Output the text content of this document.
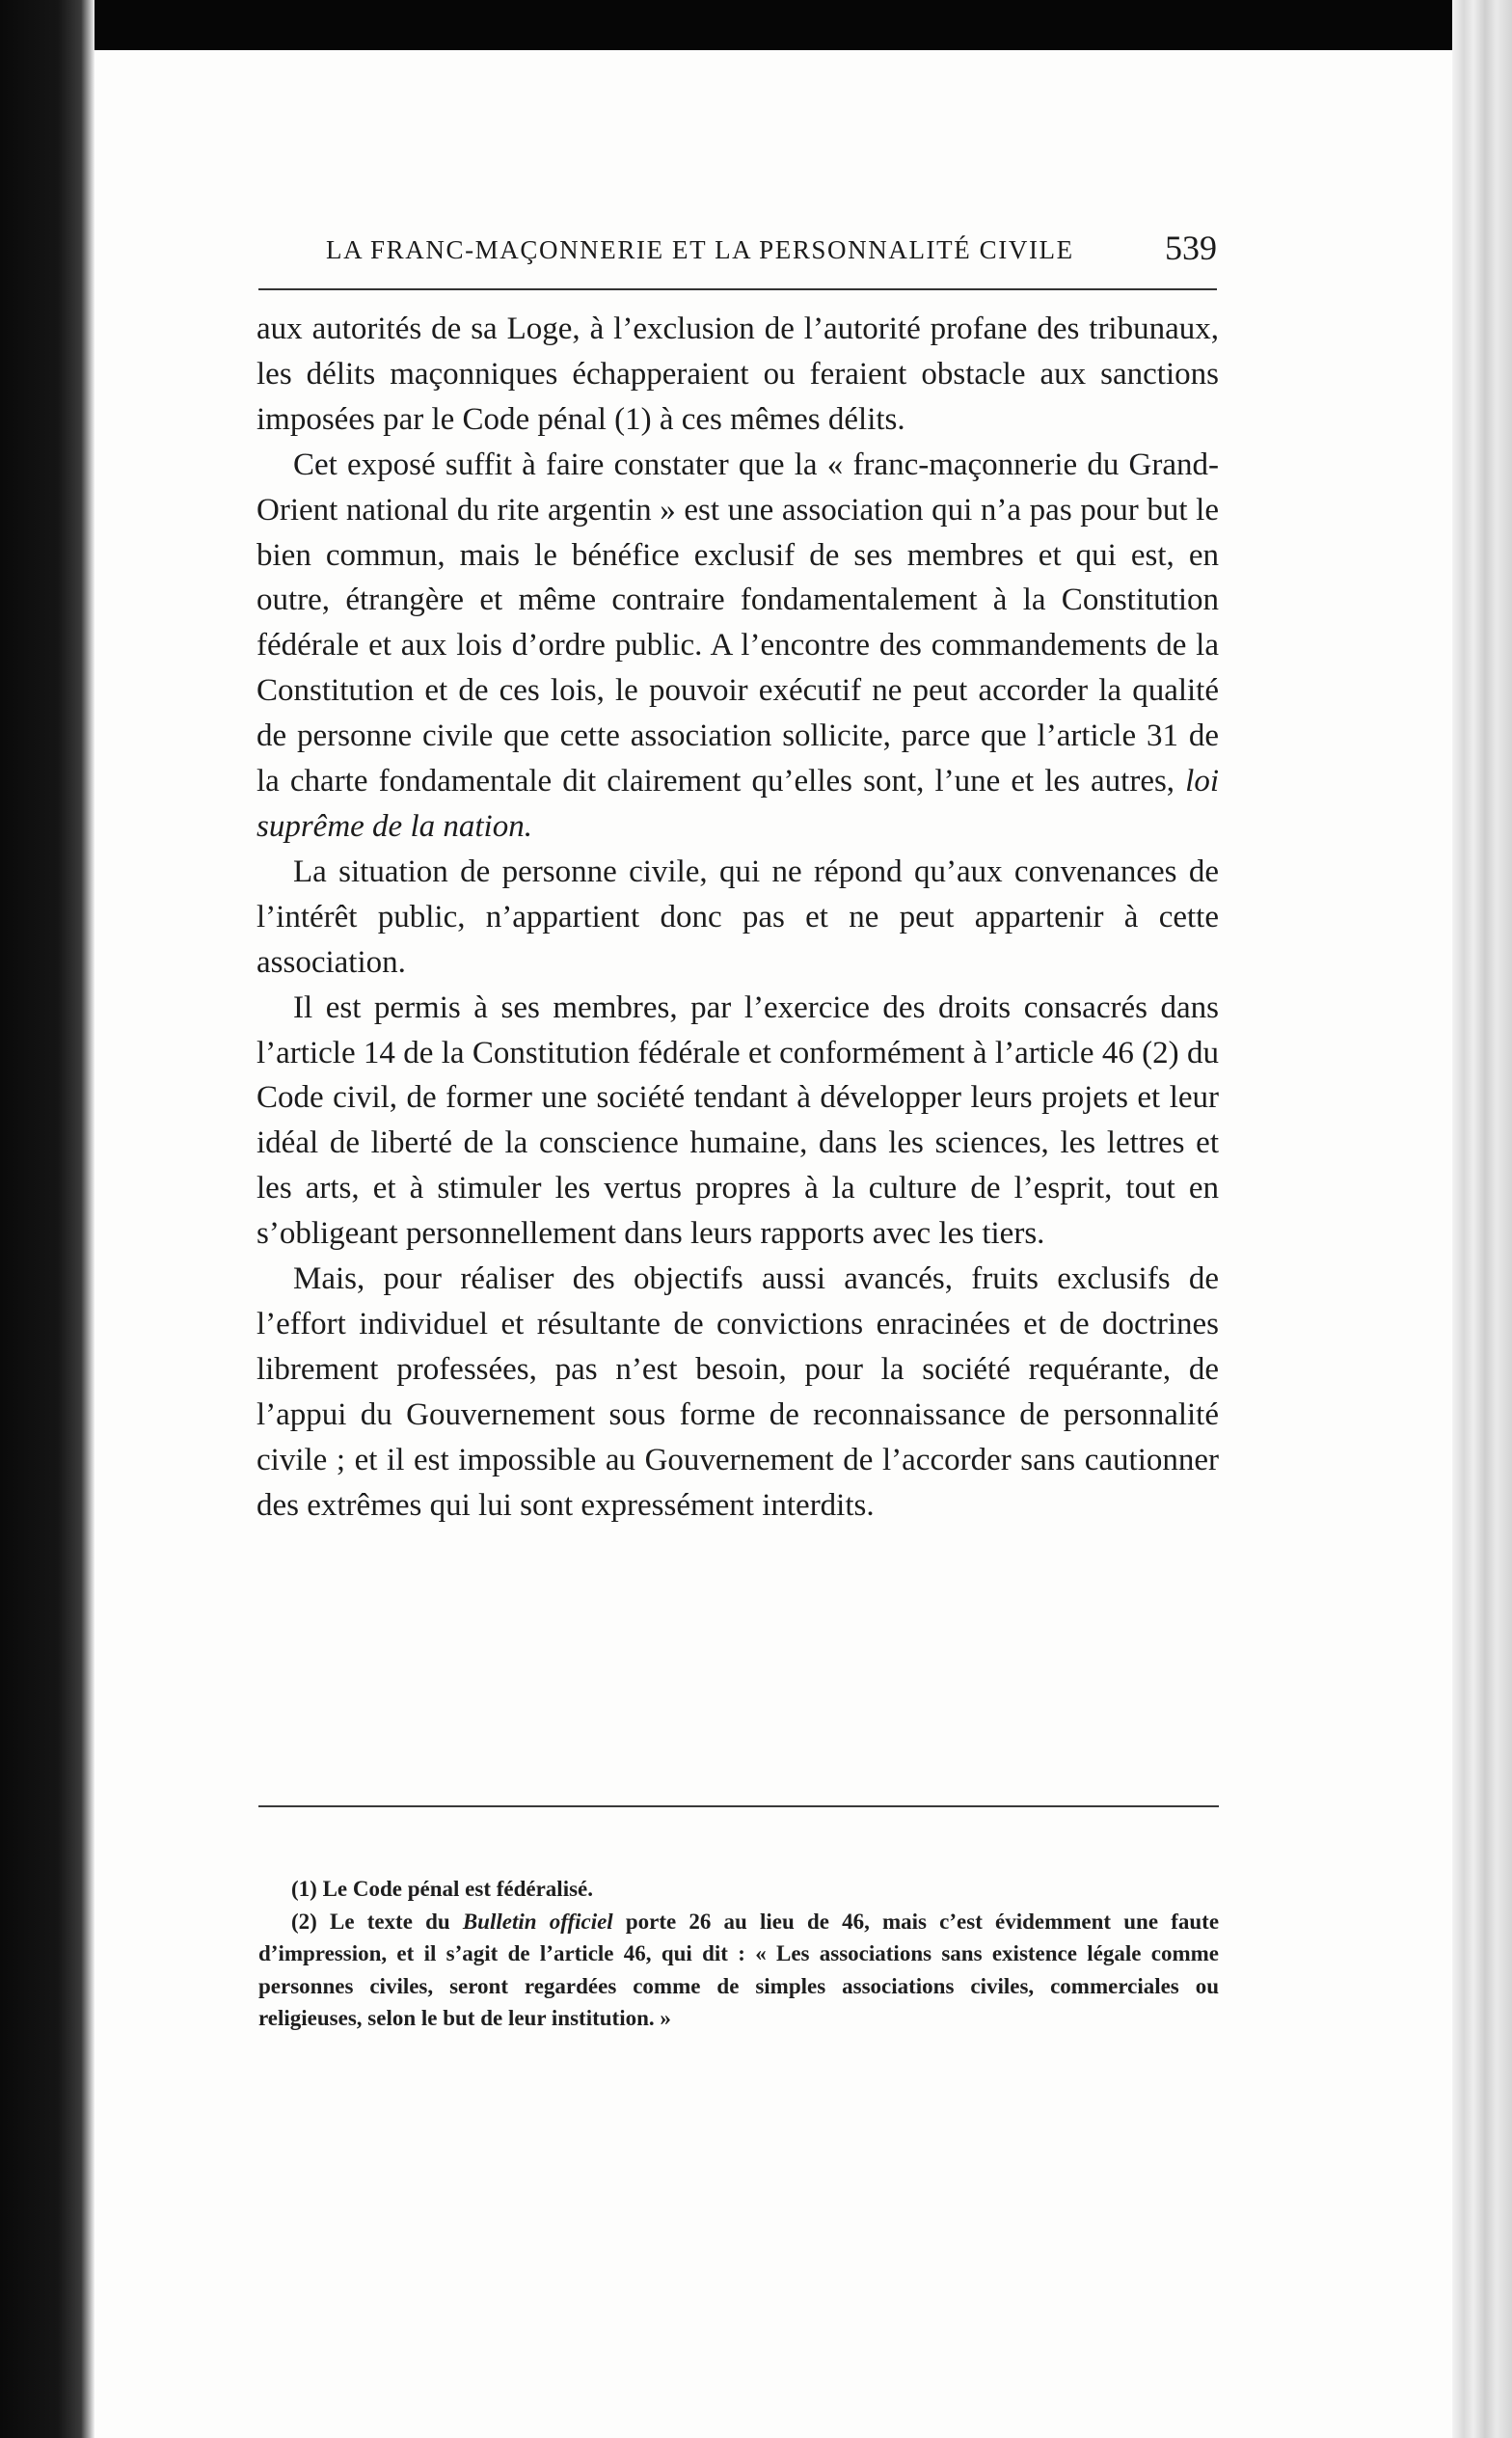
LA FRANC-MAÇONNERIE ET LA PERSONNALITÉ CIVILE	539

aux autorités de sa Loge, à l’exclusion de l’autorité profane des tribunaux, les délits maçonniques échapperaient ou feraient obstacle aux sanctions imposées par le Code pénal (1) à ces mêmes délits.

Cet exposé suffit à faire constater que la « franc-maçonnerie du Grand-Orient national du rite argentin » est une association qui n’a pas pour but le bien commun, mais le bénéfice exclusif de ses membres et qui est, en outre, étrangère et même contraire fondamentalement à la Constitution fédérale et aux lois d’ordre public. A l’encontre des commandements de la Constitution et de ces lois, le pouvoir exécutif ne peut accorder la qualité de personne civile que cette association sollicite, parce que l’article 31 de la charte fondamentale dit clairement qu’elles sont, l’une et les autres, loi suprême de la nation.

La situation de personne civile, qui ne répond qu’aux convenances de l’intérêt public, n’appartient donc pas et ne peut appartenir à cette association.

Il est permis à ses membres, par l’exercice des droits consacrés dans l’article 14 de la Constitution fédérale et conformément à l’article 46 (2) du Code civil, de former une société tendant à développer leurs projets et leur idéal de liberté de la conscience humaine, dans les sciences, les lettres et les arts, et à stimuler les vertus propres à la culture de l’esprit, tout en s’obligeant personnellement dans leurs rapports avec les tiers.

Mais, pour réaliser des objectifs aussi avancés, fruits exclusifs de l’effort individuel et résultante de convictions enracinées et de doctrines librement professées, pas n’est besoin, pour la société requérante, de l’appui du Gouvernement sous forme de reconnaissance de personnalité civile ; et il est impossible au Gouvernement de l’accorder sans cautionner des extrêmes qui lui sont expressément interdits.

(1) Le Code pénal est fédéralisé.

(2) Le texte du Bulletin officiel porte 26 au lieu de 46, mais c’est évidemment une faute d’impression, et il s’agit de l’article 46, qui dit : « Les associations sans existence légale comme personnes civiles, seront regardées comme de simples associations civiles, commerciales ou religieuses, selon le but de leur institution. »
